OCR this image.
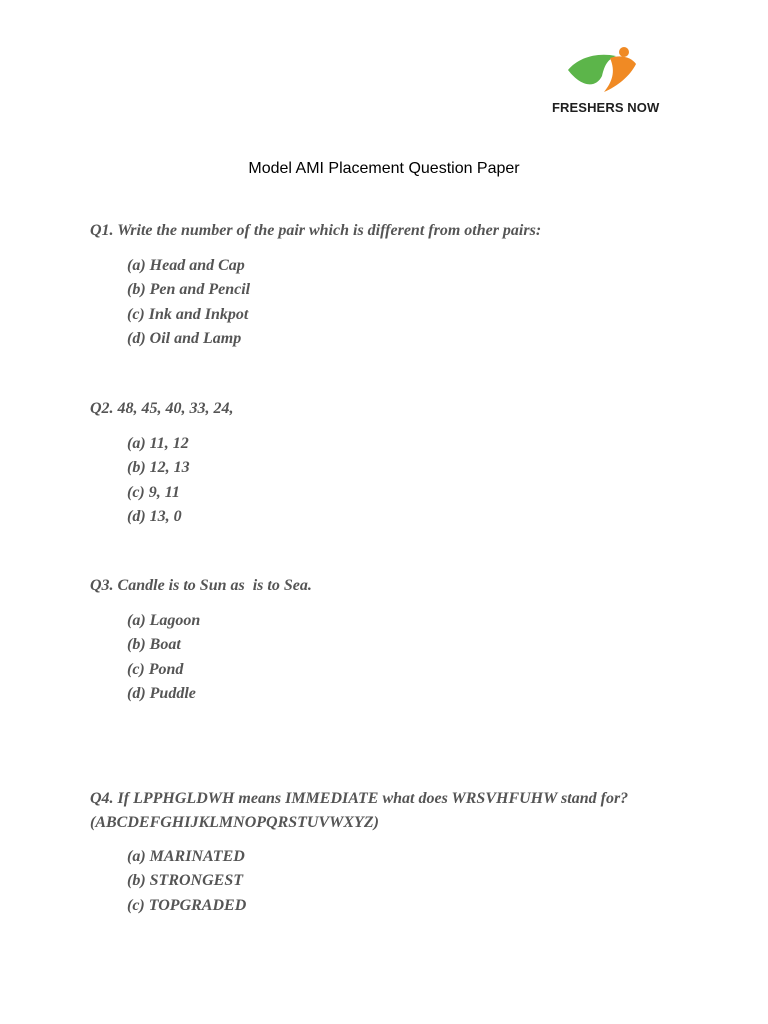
FRESHERS NOW
Model AMI Placement Question Paper
Q1. Write the number of the pair which is different from other pairs:
(a) Head and Cap
(b) Pen and Pencil
(c) Ink and Inkpot
(d) Oil and Lamp
Q2. 48, 45, 40, 33, 24,
(a) 11, 12
(b) 12, 13
(c) 9, 11
(d) 13, 0
Q3. Candle is to Sun as  is to Sea.
(a) Lagoon
(b) Boat
(c) Pond
(d) Puddle
Q4. If LPPHGLDWH means IMMEDIATE what does WRSVHFUHW stand for?
(ABCDEFGHIJKLMNOPQRSTUVWXYZ)
(a) MARINATED
(b) STRONGEST
(c) TOPGRADED
